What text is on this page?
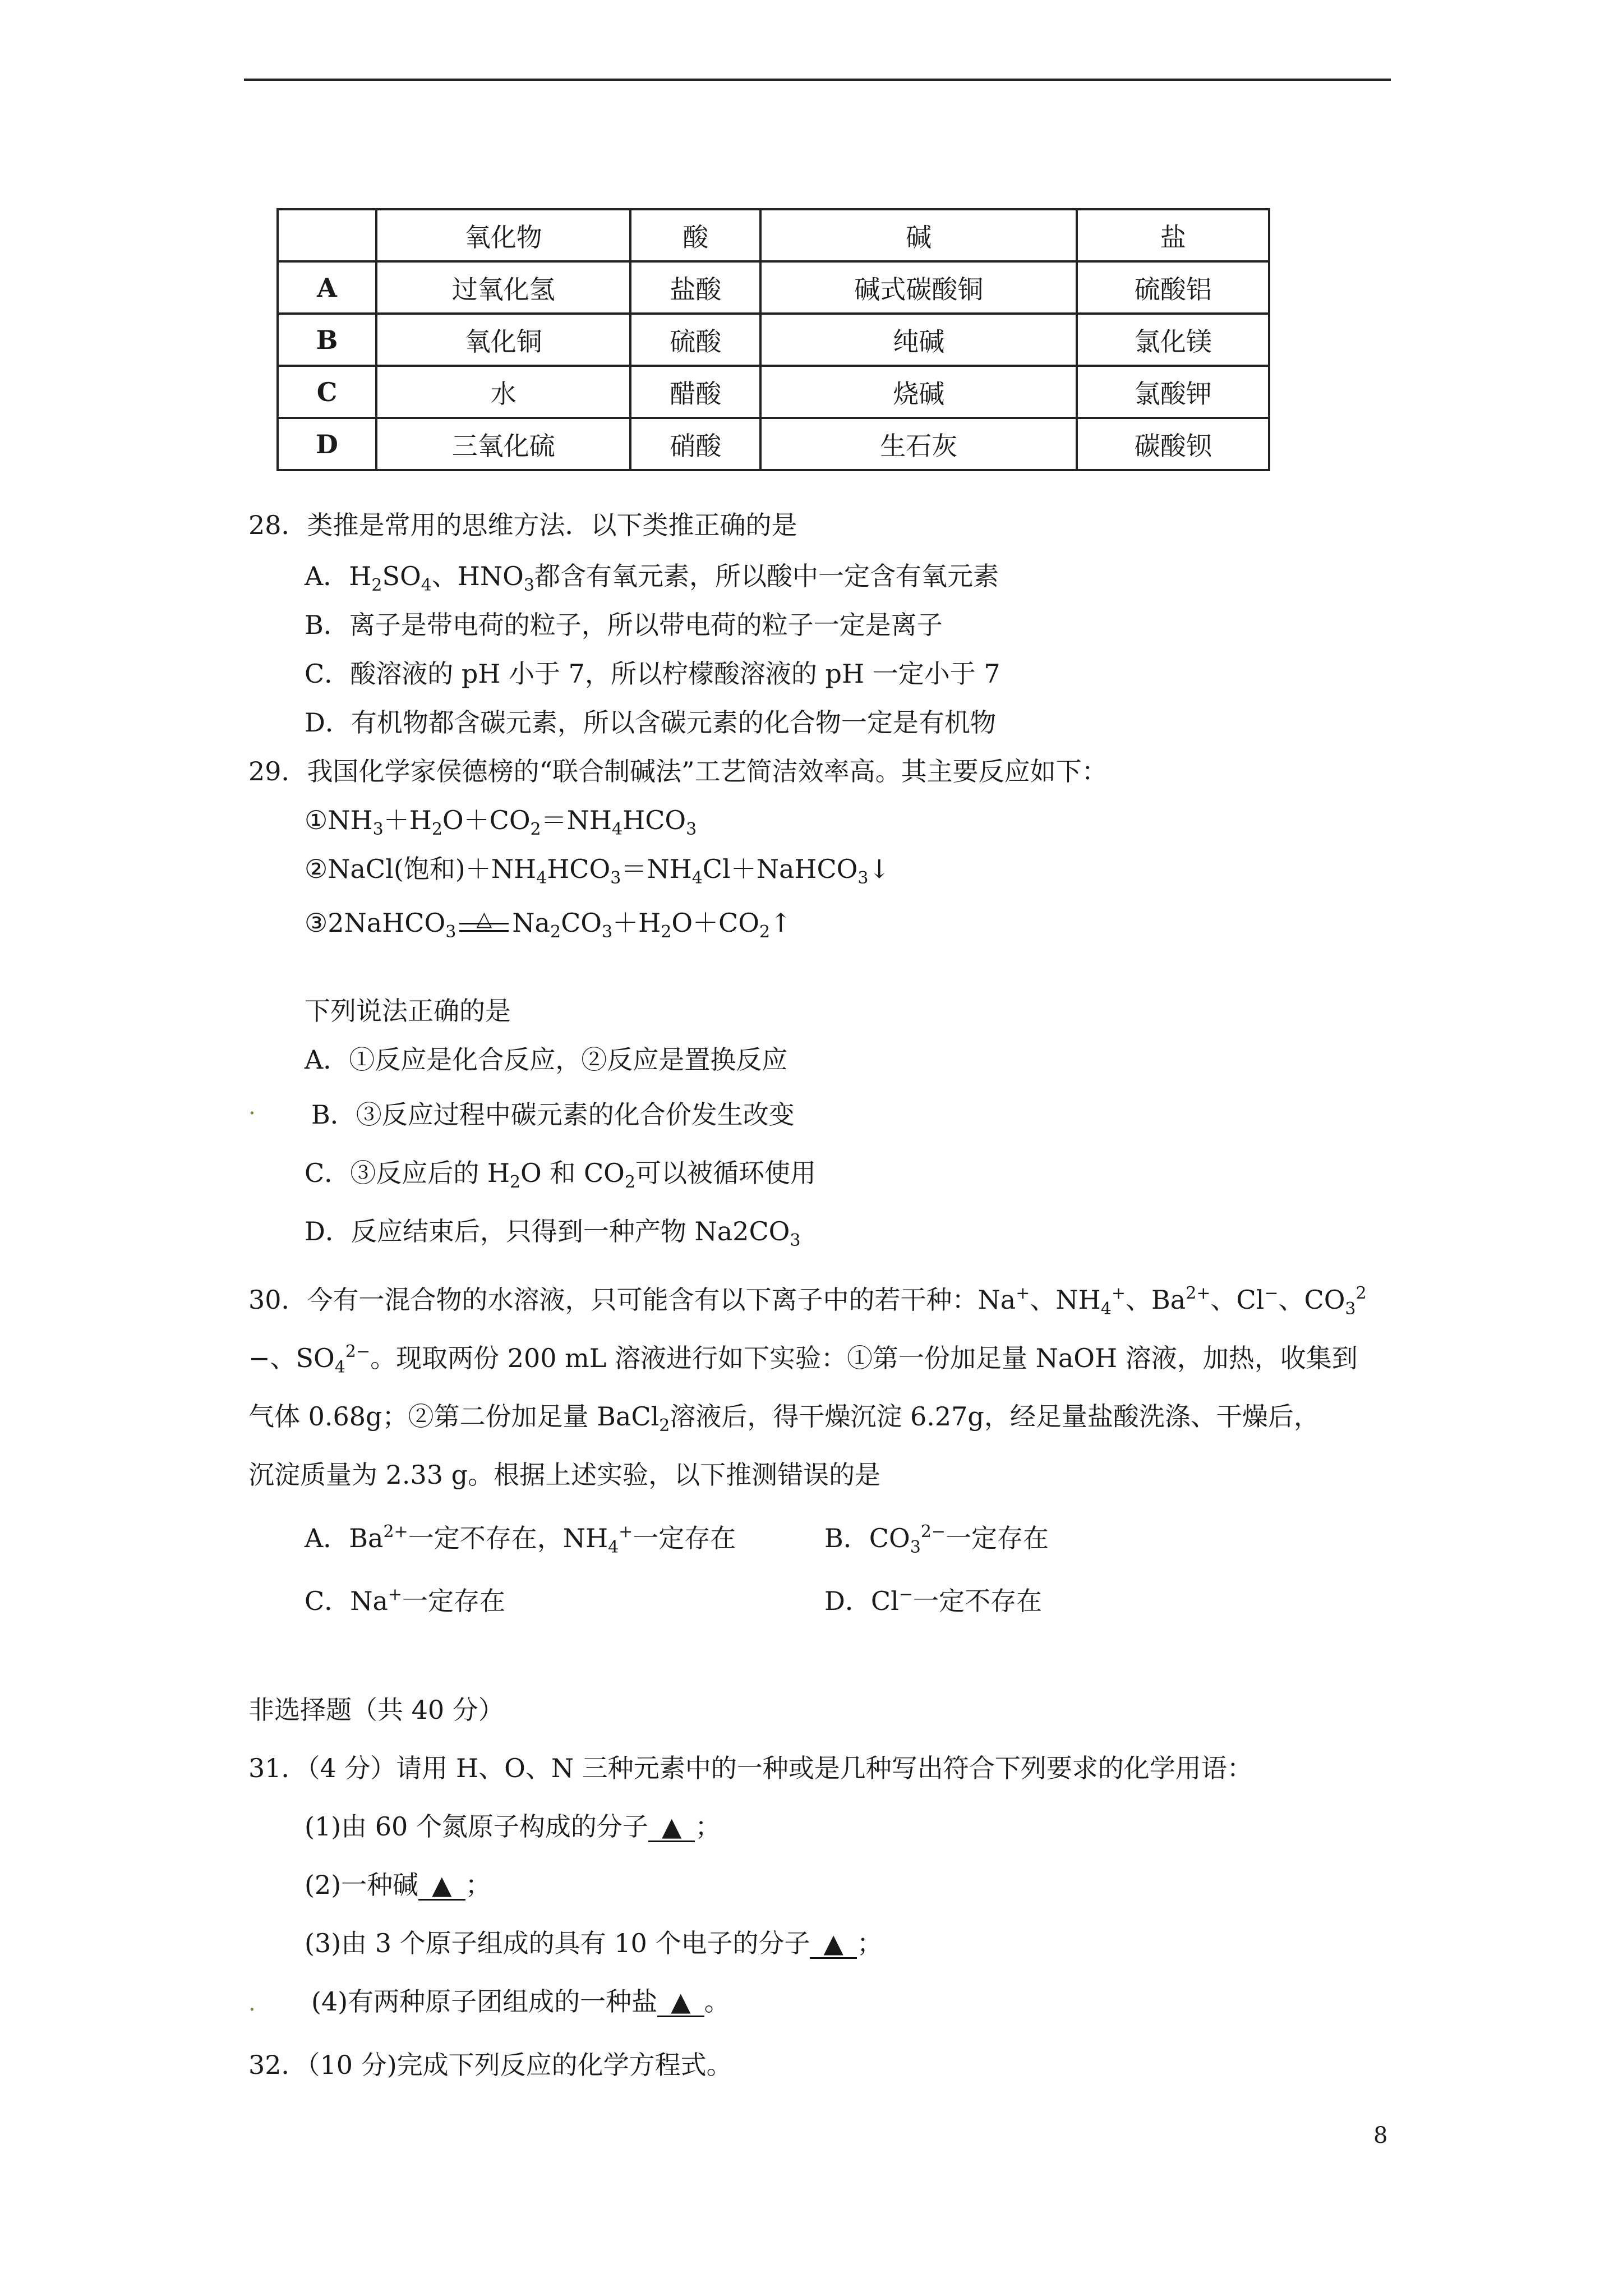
	氧化物	酸	碱	盐
A	过氧化氢	盐酸	碱式碳酸铜	硫酸铝
B	氧化铜	硫酸	纯碱	氯化镁
C	水	醋酸	烧碱	氯酸钾
D	三氧化硫	硝酸	生石灰	碳酸钡
28．类推是常用的思维方法．以下类推正确的是
A．$H_2SO_4$、$HNO_3$都含有氧元素，所以酸中一定含有氧元素
B．离子是带电荷的粒子，所以带电荷的粒子一定是离子
C．酸溶液的 pH 小于 7，所以柠檬酸溶液的 pH 一定小于 7
D．有机物都含碳元素，所以含碳元素的化合物一定是有机物
29．我国化学家侯德榜的“联合制碱法”工艺简洁效率高。其主要反应如下：
$①NH_3+H_2O+CO_2=NH_4HCO_3$
②NaCl(饱和)$+NH_4HCO_3=NH_4Cl+NaHCO_3↓$
③2NaHCO$_3$
△ $Na_2CO_3+H_2O+CO_2↑$
下列说法正确的是
A．①反应是化合反应，②反应是置换反应
. B．③反应过程中碳元素的化合价发生改变
C．③反应后的 $H_2O$ 和 $CO_2$可以被循环使用
D．反应结束后，只得到一种产物 $Na2CO_3$
30．今有一混合物的水溶液，只可能含有以下离子中的若干种：Na+、$NH_4^+$、$Ba^{2+}$、Cl−、$CO_3^2$
−、$SO_4^{2-}$。现取两份 200 mL 溶液进行如下实验：①第一份加足量 NaOH 溶液，加热，收集到
气体 0.68g；②第二份加足量 BaCl$_2$溶液后，得干燥沉淀 6.27g，经足量盐酸洗涤、干燥后，
沉淀质量为 2.33 g。根据上述实验，以下推测错误的是
A．$Ba^{2+}$一定不存在，$NH_4^+$一定存在	B．$CO_3^{2-}$一定存在
C．Na+一定存在	D．Cl−一定不存在
非选择题（共 40 分）
31．（4 分）请用 H、O、N 三种元素中的一种或是几种写出符合下列要求的化学用语：
(1)由 60 个氮原子构成的分子 ▲ ；
(2)一种碱 ▲ ；
(3)由 3 个原子组成的具有 10 个电子的分子 ▲ ；
. (4)有两种原子团组成的一种盐 ▲ 。
32．（10 分)完成下列反应的化学方程式。
8
